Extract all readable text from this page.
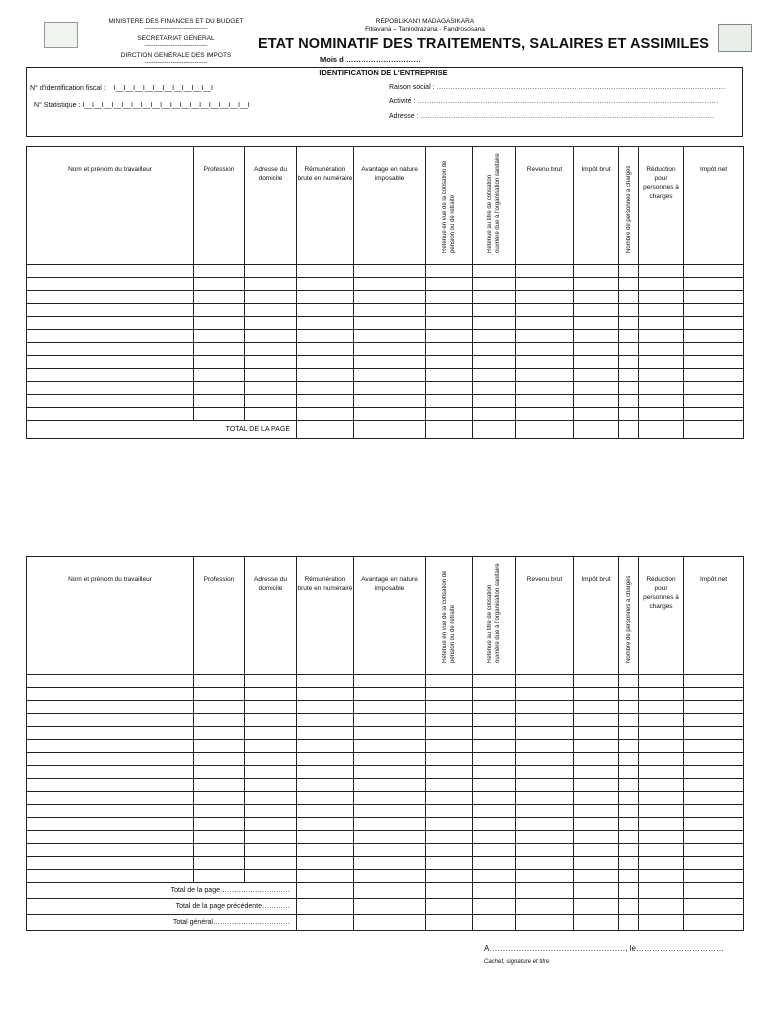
MINISTERE DES FINANCES ET DU BUDGET
-----------------------------
SECRETARIAT GENERAL
-----------------------------
DIRCTION GENERALE DES IMPOTS
-----------------------------
REPOBLIKAN'I MADAGASIKARA
Fitiavana – Tanindrazana - Fandrososana
ETAT NOMINATIF DES TRAITEMENTS, SALAIRES ET ASSIMILES
Mois d …………………………
IDENTIFICATION DE L'ENTREPRISE
N° d'identification fiscal : I__I__I__I__I__I__I__I__I__I__I
N° Statistique : I__I__I__I__I__I__I__I__I__I__I__I__I__I__I__I__I__I
Raison social : …………………………………………………… ………………………………………………………
Activité : …………………………………………………………………………………………………………………
Adresse : ………………………………………………………………………………………………………………
Nom et prénom du travailleur	Profession	Adresse du domicile	Rémunération brute en numéraire	Avantage en nature imposable	Retenue en vue de la cotisation de pension ou de retraite	Retenue au titre de cotisation ouvrière due à l'organisation sanitaire	Revenu brut	Impôt brut	Nombre de personnes à charges	Réduction pour personnes à charges	Impôt net

TOTAL DE LA PAGE											
Nom et prénom du travailleur	Profession	Adresse du domicile	Rémunération brute en numéraire	Avantage en nature imposable	Retenue en vue de la cotisation de pension ou de retraite	Retenue au titre de cotisation ouvrière due à l'organisation sanitaire	Revenu brut	Impôt brut	Nombre de personnes à charges	Réduction pour personnes à charges	Impôt net

Total de la page…………………………											
Total de la page précédente…………											
Total général……………………………											
A……………………………………………, le……………………………
Cachet, signature et titre
